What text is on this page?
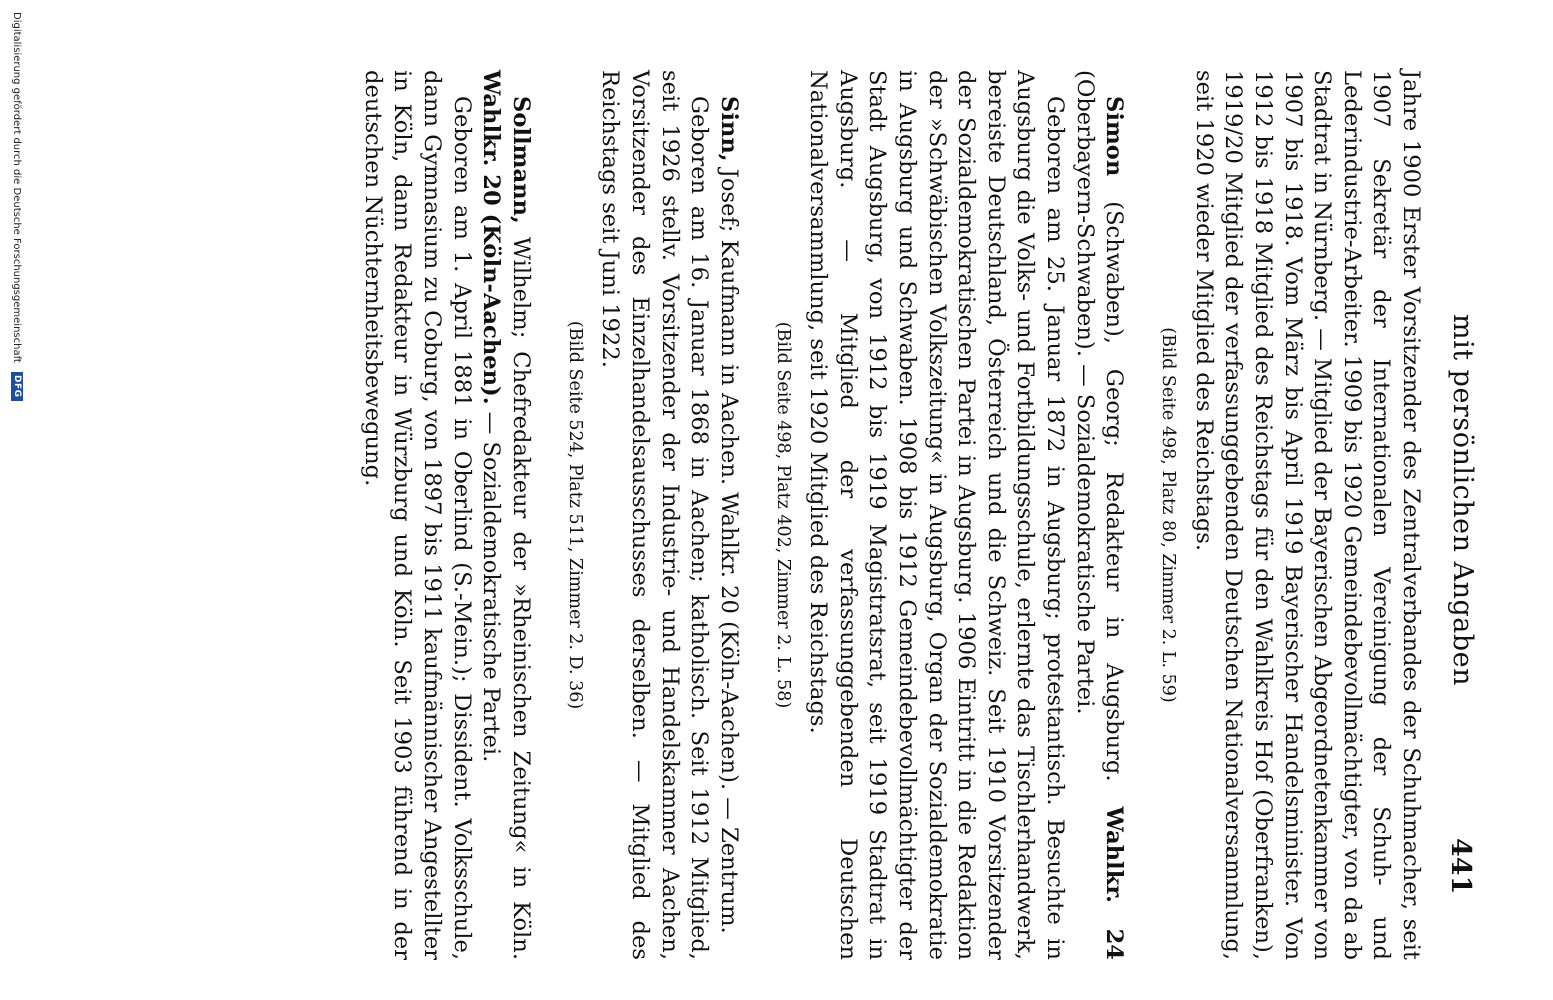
mit persönlichen Angaben
441

Jahre 1900 Erster Vorsitzender des Zentralverbandes der Schuhmacher, seit 1907 Sekretär der Internationalen Vereinigung der Schuh- und Lederindustrie-Arbeiter. 1909 bis 1920 Gemeindebevollmächtigter, von da ab Stadtrat in Nürnberg. — Mitglied der Bayerischen Abgeordnetenkammer von 1907 bis 1918. Vom März bis April 1919 Bayerischer Handelsminister. Von 1912 bis 1918 Mitglied des Reichstags für den Wahlkreis Hof (Oberfranken), 1919/20 Mitglied der verfassunggebenden Deutschen Nationalversammlung, seit 1920 wieder Mitglied des Reichstags.

(Bild Seite 498, Platz 80, Zimmer 2. L. 59)

Simon (Schwaben), Georg; Redakteur in Augsburg. Wahlkr. 24 (Oberbayern-Schwaben). — Sozialdemokratische Partei.

Geboren am 25. Januar 1872 in Augsburg; protestantisch. Besuchte in Augsburg die Volks- und Fortbildungsschule, erlernte das Tischlerhandwerk, bereiste Deutschland, Österreich und die Schweiz. Seit 1910 Vorsitzender der Sozialdemokratischen Partei in Augsburg. 1906 Eintritt in die Redaktion der »Schwäbischen Volkszeitung« in Augsburg, Organ der Sozialdemokratie in Augsburg und Schwaben. 1908 bis 1912 Gemeindebevollmächtigter der Stadt Augsburg, von 1912 bis 1919 Magistratsrat, seit 1919 Stadtrat in Augsburg. — Mitglied der verfassunggebenden Deutschen Nationalversammlung, seit 1920 Mitglied des Reichstags.

(Bild Seite 498, Platz 402, Zimmer 2. L. 58)

Sinn, Josef; Kaufmann in Aachen. Wahlkr. 20 (Köln-Aachen). — Zentrum.

Geboren am 16. Januar 1868 in Aachen; katholisch. Seit 1912 Mitglied, seit 1926 stellv. Vorsitzender der Industrie- und Handelskammer Aachen, Vorsitzender des Einzelhandelsausschusses derselben. — Mitglied des Reichstags seit Juni 1922.

(Bild Seite 524, Platz 511, Zimmer 2. D. 36)

Sollmann, Wilhelm; Chefredakteur der »Rheinischen Zeitung« in Köln. Wahlkr. 20 (Köln-Aachen). — Sozialdemokratische Partei.

Geboren am 1. April 1881 in Oberlind (S.-Mein.); Dissident. Volksschule, dann Gymnasium zu Coburg, von 1897 bis 1911 kaufmännischer Angestellter in Köln, dann Redakteur in Würzburg und Köln. Seit 1903 führend in der deutschen Nüchternheitsbewegung.

Digitalisierung gefördert durch die Deutsche Forschungsgemeinschaft DFG
